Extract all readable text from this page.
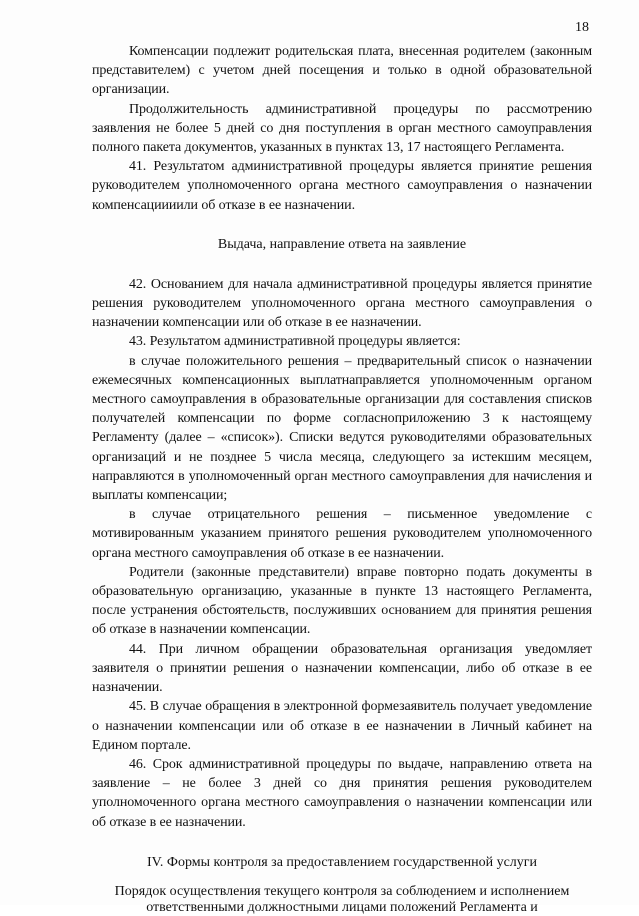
18

Компенсации подлежит родительская плата, внесенная родителем (законным представителем) с учетом дней посещения и только в одной образовательной организации.

Продолжительность административной процедуры по рассмотрению заявления не более 5 дней со дня поступления в орган местного самоуправления полного пакета документов, указанных в пунктах 13, 17 настоящего Регламента.

41. Результатом административной процедуры является принятие решения руководителем уполномоченного органа местного самоуправления о назначении компенсациииили об отказе в ее назначении.

Выдача, направление ответа на заявление

42. Основанием для начала административной процедуры является принятие решения руководителем уполномоченного органа местного самоуправления о назначении компенсации или об отказе в ее назначении.

43. Результатом административной процедуры является:

в случае положительного решения – предварительный список о назначении ежемесячных компенсационных выплатнаправляется уполномоченным органом местного самоуправления в образовательные организации для составления списков получателей компенсации по форме согласноприложению 3 к настоящему Регламенту (далее – «список»). Списки ведутся руководителями образовательных организаций и не позднее 5 числа месяца, следующего за истекшим месяцем, направляются в уполномоченный орган местного самоуправления для начисления и выплаты компенсации;

в случае отрицательного решения – письменное уведомление с мотивированным указанием принятого решения руководителем уполномоченного органа местного самоуправления об отказе в ее назначении.

Родители (законные представители) вправе повторно подать документы в образовательную организацию, указанные в пункте 13 настоящего Регламента, после устранения обстоятельств, послуживших основанием для принятия решения об отказе в назначении компенсации.

44. При личном обращении образовательная организация уведомляет заявителя о принятии решения о назначении компенсации, либо об отказе в ее назначении.

45. В случае обращения в электронной формезаявитель получает уведомление о назначении компенсации или об отказе в ее назначении в Личный кабинет на Едином портале.

46. Срок административной процедуры по выдаче, направлению ответа на заявление – не более 3 дней со дня принятия решения руководителем уполномоченного органа местного самоуправления о назначении компенсации или об отказе в ее назначении.

IV. Формы контроля за предоставлением государственной услуги
Порядок осуществления текущего контроля за соблюдением и исполнением ответственными должностными лицами положений Регламента и
